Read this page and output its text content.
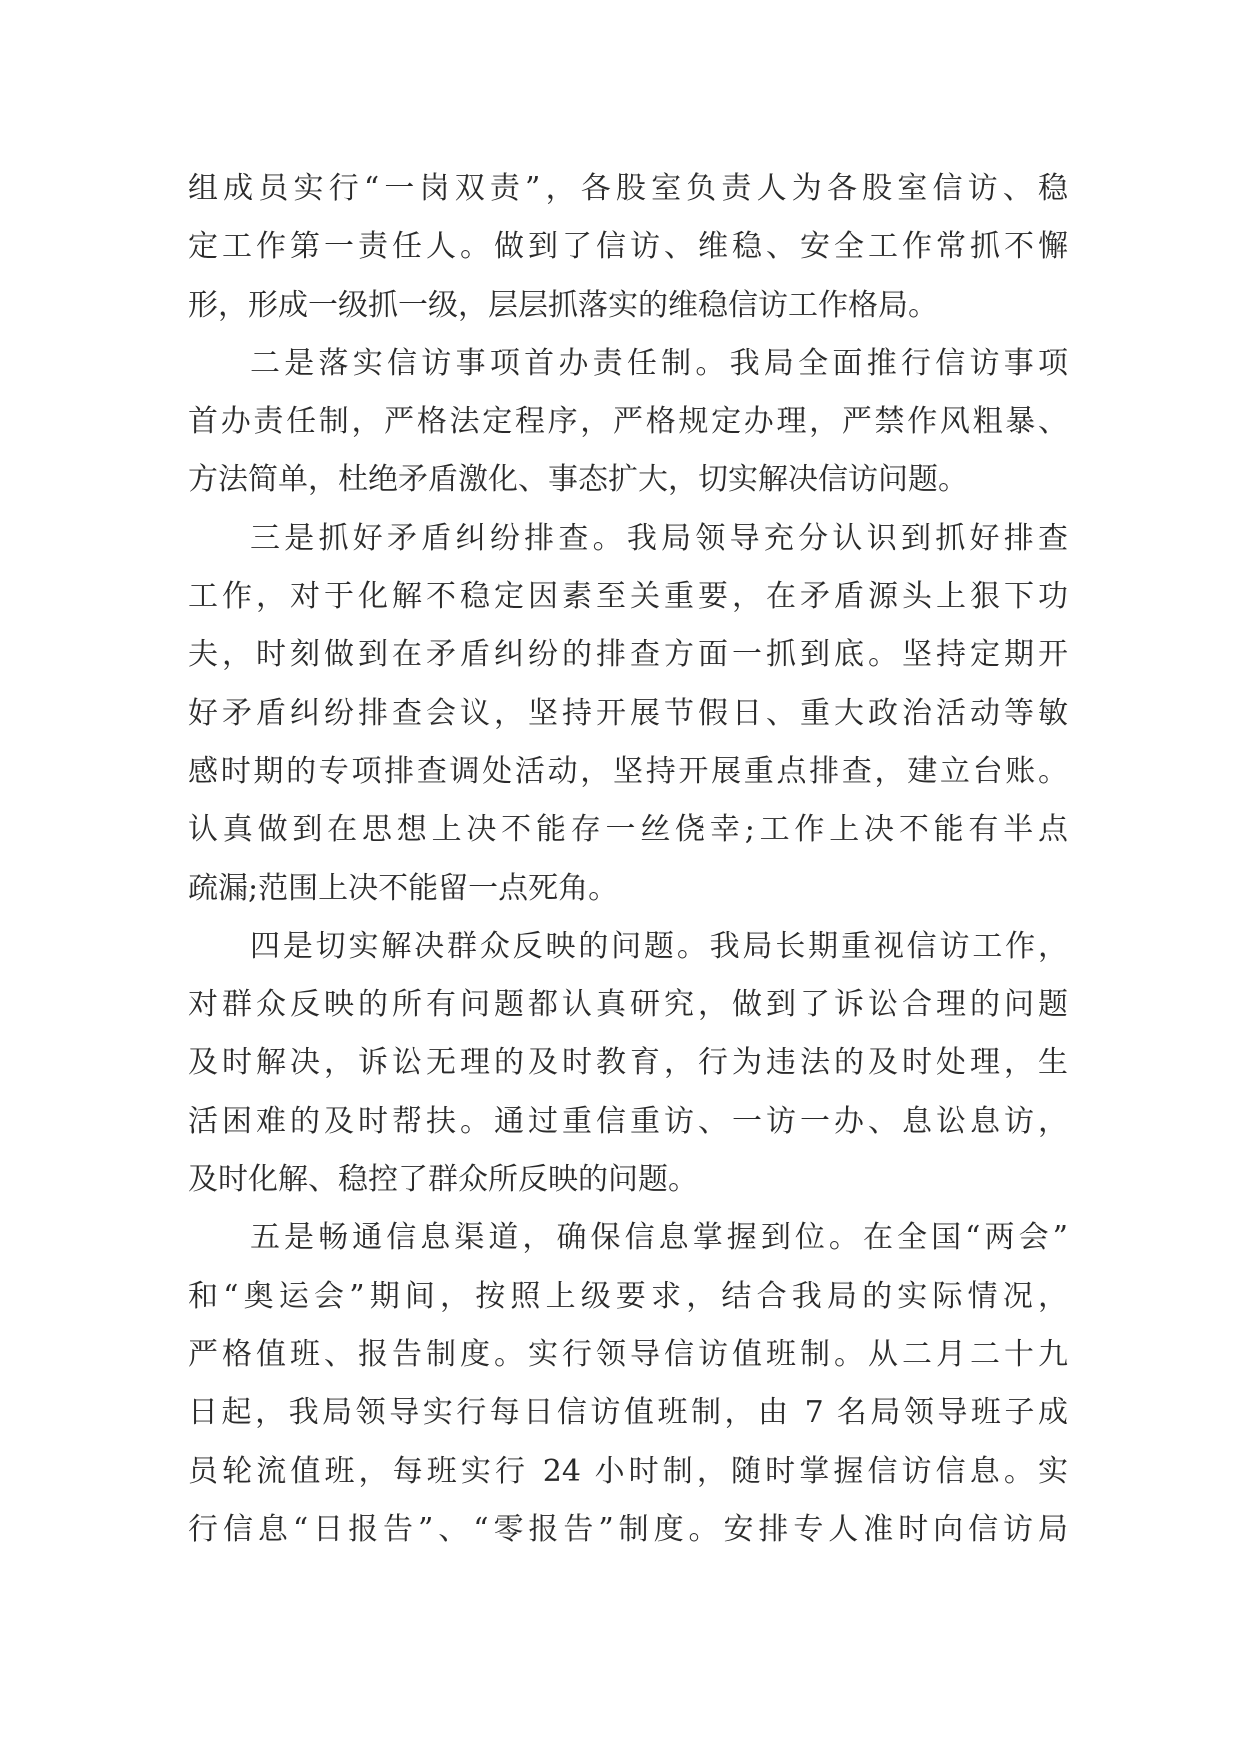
组成员实行“一岗双责”，各股室负责人为各股室信访、稳
定工作第一责任人。做到了信访、维稳、安全工作常抓不懈
形，形成一级抓一级，层层抓落实的维稳信访工作格局。
二是落实信访事项首办责任制。我局全面推行信访事项
首办责任制，严格法定程序，严格规定办理，严禁作风粗暴、
方法简单，杜绝矛盾激化、事态扩大，切实解决信访问题。
三是抓好矛盾纠纷排查。我局领导充分认识到抓好排查
工作，对于化解不稳定因素至关重要，在矛盾源头上狠下功
夫，时刻做到在矛盾纠纷的排查方面一抓到底。坚持定期开
好矛盾纠纷排查会议，坚持开展节假日、重大政治活动等敏
感时期的专项排查调处活动，坚持开展重点排查，建立台账。
认真做到在思想上决不能存一丝侥幸;工作上决不能有半点
疏漏;范围上决不能留一点死角。
四是切实解决群众反映的问题。我局长期重视信访工作，
对群众反映的所有问题都认真研究，做到了诉讼合理的问题
及时解决，诉讼无理的及时教育，行为违法的及时处理，生
活困难的及时帮扶。通过重信重访、一访一办、息讼息访，
及时化解、稳控了群众所反映的问题。
五是畅通信息渠道，确保信息掌握到位。在全国“两会”
和“奥运会”期间，按照上级要求，结合我局的实际情况，
严格值班、报告制度。实行领导信访值班制。从二月二十九
日起，我局领导实行每日信访值班制，由 7 名局领导班子成
员轮流值班，每班实行 24 小时制，随时掌握信访信息。实
行信息“日报告”、“零报告”制度。安排专人准时向信访局
